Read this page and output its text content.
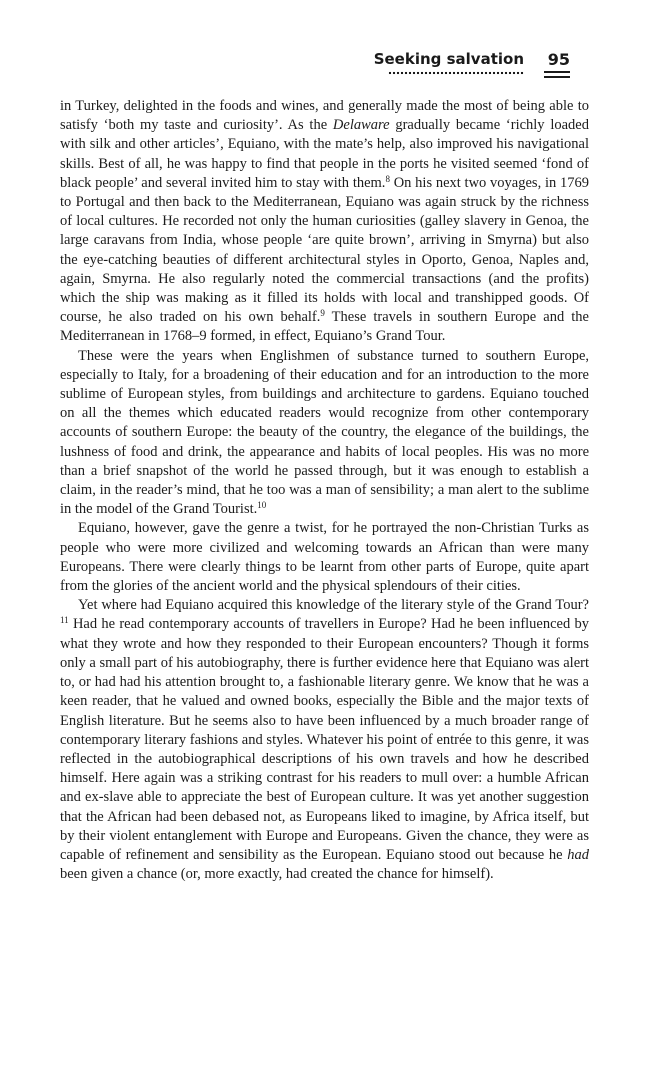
Seeking salvation 95

in Turkey, delighted in the foods and wines, and generally made the most of being able to satisfy ‘both my taste and curiosity’. As the Delaware gradually became ‘richly loaded with silk and other articles’, Equiano, with the mate’s help, also improved his navigational skills. Best of all, he was happy to find that people in the ports he visited seemed ‘fond of black people’ and several invited him to stay with them.$^8$ On his next two voyages, in 1769 to Portugal and then back to the Mediterranean, Equiano was again struck by the richness of local cultures. He recorded not only the human curiosities (galley slavery in Genoa, the large caravans from India, whose people ‘are quite brown’, arriving in Smyrna) but also the eye-catching beauties of different architectural styles in Oporto, Genoa, Naples and, again, Smyrna. He also regularly noted the commercial transactions (and the profits) which the ship was making as it filled its holds with local and transhipped goods. Of course, he also traded on his own behalf.$^9$ These travels in southern Europe and the Mediterranean in 1768–9 formed, in effect, Equiano’s Grand Tour.

These were the years when Englishmen of substance turned to southern Europe, especially to Italy, for a broadening of their education and for an introduction to the more sublime of European styles, from buildings and architecture to gardens. Equiano touched on all the themes which educated readers would recognize from other contemporary accounts of southern Europe: the beauty of the country, the elegance of the buildings, the lushness of food and drink, the appearance and habits of local peoples. His was no more than a brief snapshot of the world he passed through, but it was enough to establish a claim, in the reader’s mind, that he too was a man of sensibility; a man alert to the sublime in the model of the Grand Tourist.$^{10}$

Equiano, however, gave the genre a twist, for he portrayed the non-Christian Turks as people who were more civilized and welcoming towards an African than were many Europeans. There were clearly things to be learnt from other parts of Europe, quite apart from the glories of the ancient world and the physical splendours of their cities.

Yet where had Equiano acquired this knowledge of the literary style of the Grand Tour?$^{11}$ Had he read contemporary accounts of travellers in Europe? Had he been influenced by what they wrote and how they responded to their European encounters? Though it forms only a small part of his autobiography, there is further evidence here that Equiano was alert to, or had had his attention brought to, a fashionable literary genre. We know that he was a keen reader, that he valued and owned books, especially the Bible and the major texts of English literature. But he seems also to have been influenced by a much broader range of contemporary literary fashions and styles. Whatever his point of entrée to this genre, it was reflected in the autobiographical descriptions of his own travels and how he described himself. Here again was a striking contrast for his readers to mull over: a humble African and ex-slave able to appreciate the best of European culture. It was yet another suggestion that the African had been debased not, as Europeans liked to imagine, by Africa itself, but by their violent entanglement with Europe and Europeans. Given the chance, they were as capable of refinement and sensibility as the European. Equiano stood out because he had been given a chance (or, more exactly, had created the chance for himself).
